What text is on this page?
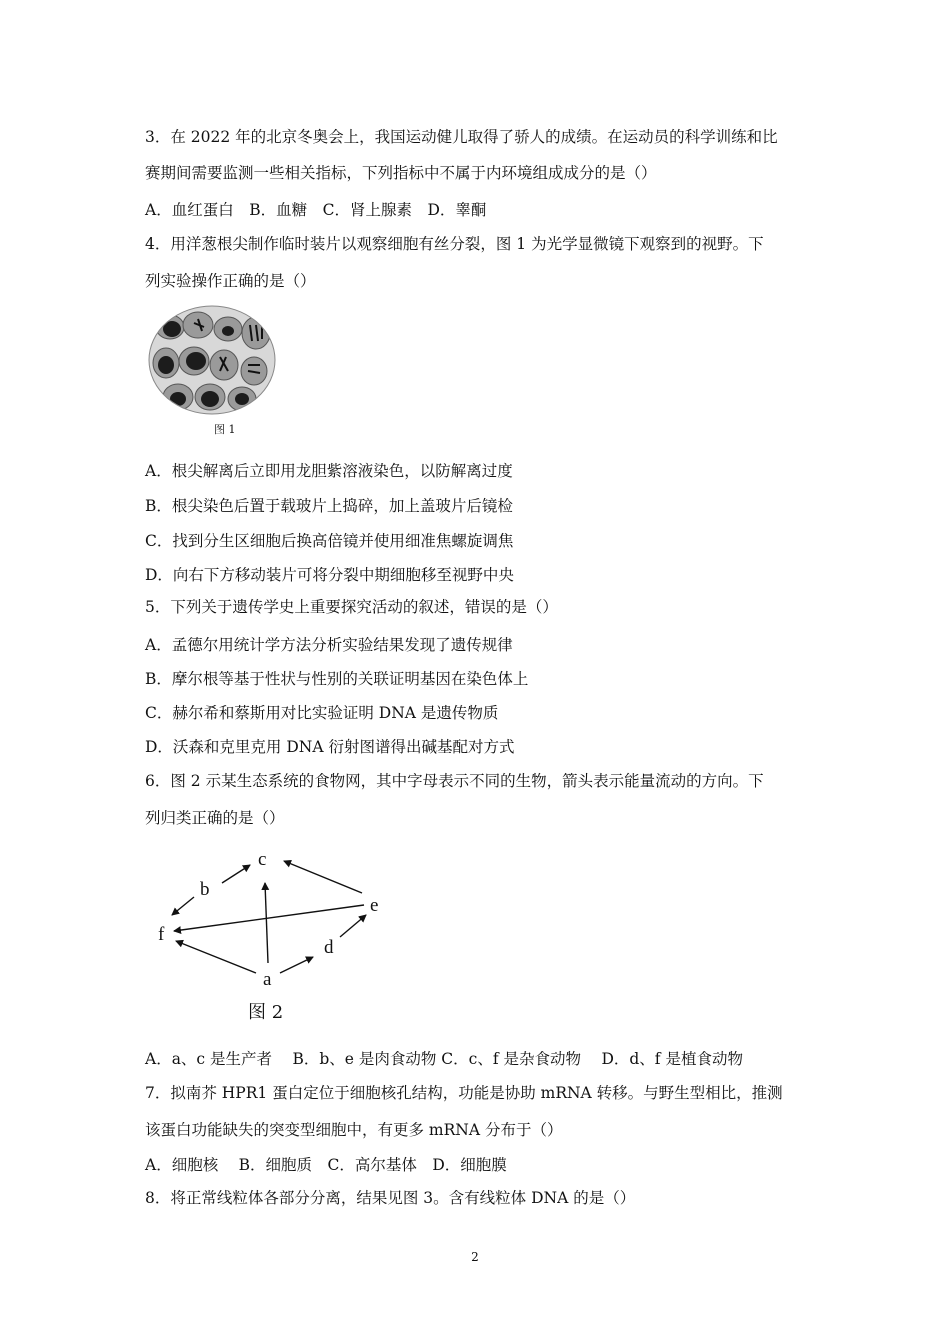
3．在 2022 年的北京冬奥会上，我国运动健儿取得了骄人的成绩。在运动员的科学训练和比
赛期间需要监测一些相关指标，下列指标中不属于内环境组成成分的是（）
A．血红蛋白　B．血糖　C．肾上腺素　D．睾酮
4．用洋葱根尖制作临时装片以观察细胞有丝分裂，图 1 为光学显微镜下观察到的视野。下
列实验操作正确的是（）
图 1
A．根尖解离后立即用龙胆紫溶液染色，以防解离过度
B．根尖染色后置于载玻片上捣碎，加上盖玻片后镜检
C．找到分生区细胞后换高倍镜并使用细准焦螺旋调焦
D．向右下方移动装片可将分裂中期细胞移至视野中央
5．下列关于遗传学史上重要探究活动的叙述，错误的是（）
A．孟德尔用统计学方法分析实验结果发现了遗传规律
B．摩尔根等基于性状与性别的关联证明基因在染色体上
C．赫尔希和蔡斯用对比实验证明 DNA 是遗传物质
D．沃森和克里克用 DNA 衍射图谱得出碱基配对方式
6．图 2 示某生态系统的食物网，其中字母表示不同的生物，箭头表示能量流动的方向。下
列归类正确的是（）
c
b
e
f
d
a
图 2
A．a、c 是生产者　 B．b、e 是肉食动物 C．c、f 是杂食动物　 D．d、f 是植食动物
7．拟南芥 HPR1 蛋白定位于细胞核孔结构，功能是协助 mRNA 转移。与野生型相比，推测
该蛋白功能缺失的突变型细胞中，有更多 mRNA 分布于（）
A．细胞核　 B．细胞质　C．高尔基体　D．细胞膜
8．将正常线粒体各部分分离，结果见图 3。含有线粒体 DNA 的是（）
2
